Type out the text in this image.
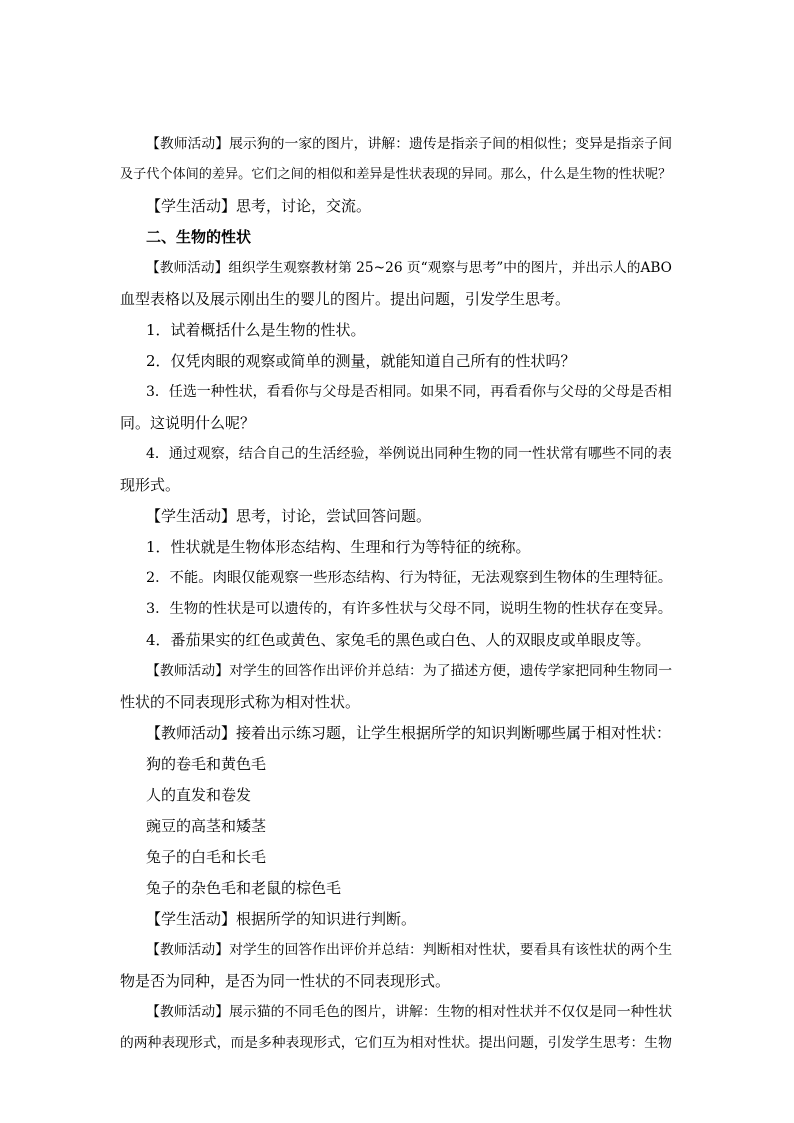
【教师活动】展示狗的一家的图片，讲解：遗传是指亲子间的相似性；变异是指亲子间

及子代个体间的差异。它们之间的相似和差异是性状表现的异同。那么，什么是生物的性状呢？

【学生活动】思考，讨论，交流。

二、生物的性状

【教师活动】组织学生观察教材第 25~26 页“观察与思考”中的图片，并出示人的ABO

血型表格以及展示刚出生的婴儿的图片。提出问题，引发学生思考。

1．试着概括什么是生物的性状。

2．仅凭肉眼的观察或简单的测量，就能知道自己所有的性状吗？

3．任选一种性状，看看你与父母是否相同。如果不同，再看看你与父母的父母是否相

同。这说明什么呢？

4．通过观察，结合自己的生活经验，举例说出同种生物的同一性状常有哪些不同的表

现形式。

【学生活动】思考，讨论，尝试回答问题。

1．性状就是生物体形态结构、生理和行为等特征的统称。

2．不能。肉眼仅能观察一些形态结构、行为特征，无法观察到生物体的生理特征。

3．生物的性状是可以遗传的，有许多性状与父母不同，说明生物的性状存在变异。

4．番茄果实的红色或黄色、家兔毛的黑色或白色、人的双眼皮或单眼皮等。

【教师活动】对学生的回答作出评价并总结：为了描述方便，遗传学家把同种生物同一

性状的不同表现形式称为相对性状。

【教师活动】接着出示练习题，让学生根据所学的知识判断哪些属于相对性状：

狗的卷毛和黄色毛

人的直发和卷发

豌豆的高茎和矮茎

兔子的白毛和长毛

兔子的杂色毛和老鼠的棕色毛

【学生活动】根据所学的知识进行判断。

【教师活动】对学生的回答作出评价并总结：判断相对性状，要看具有该性状的两个生

物是否为同种，是否为同一性状的不同表现形式。

【教师活动】展示猫的不同毛色的图片，讲解：生物的相对性状并不仅仅是同一种性状

的两种表现形式，而是多种表现形式，它们互为相对性状。提出问题，引发学生思考：生物
